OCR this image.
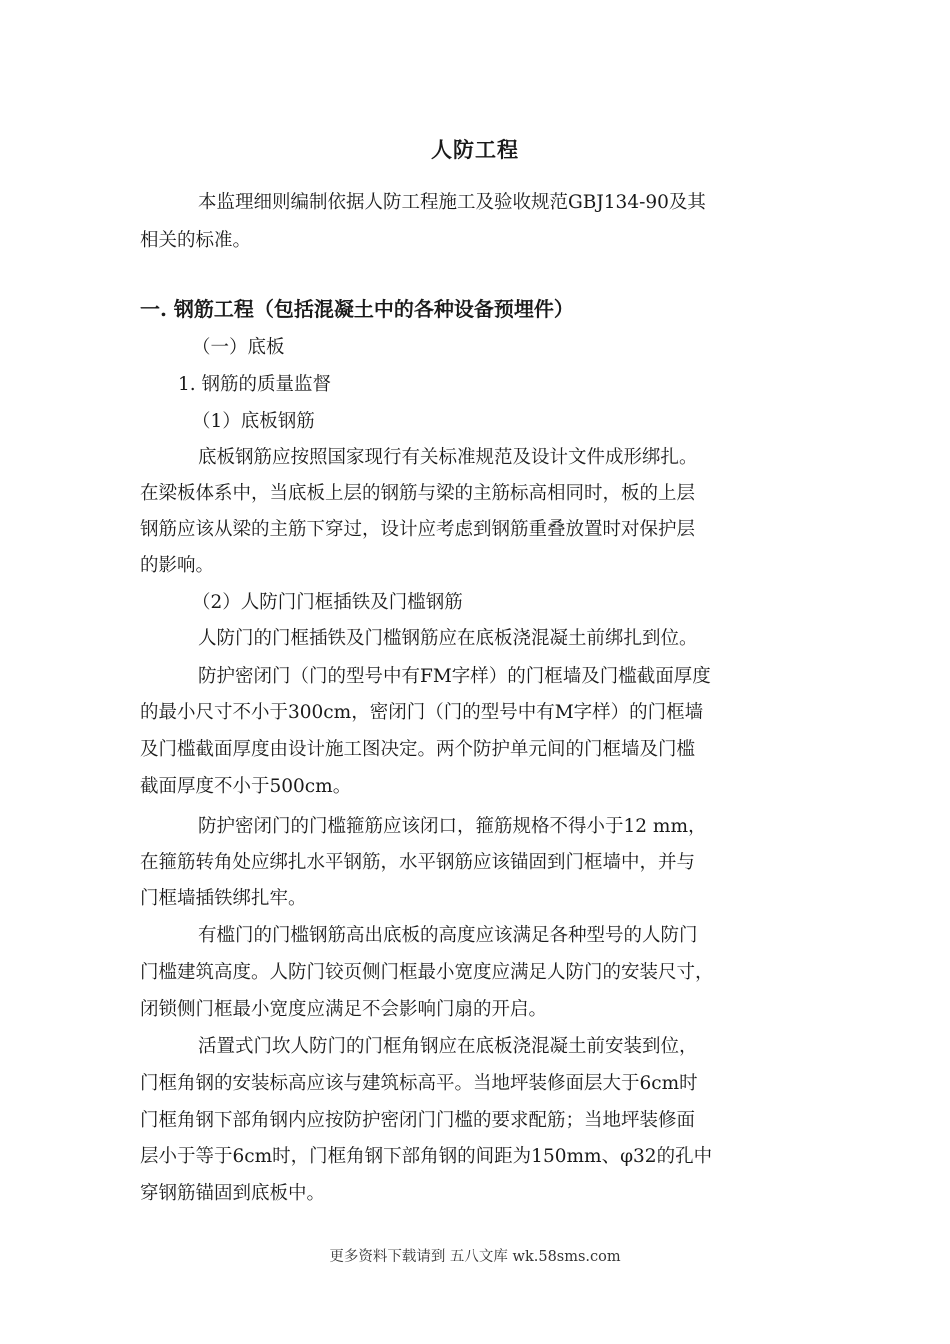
人防工程
本监理细则编制依据人防工程施工及验收规范GBJ134-90及其
相关的标准。
一. 钢筋工程（包括混凝土中的各种设备预埋件）
（一）底板
1. 钢筋的质量监督
（1）底板钢筋
底板钢筋应按照国家现行有关标准规范及设计文件成形绑扎。
在梁板体系中，当底板上层的钢筋与梁的主筋标高相同时，板的上层
钢筋应该从梁的主筋下穿过，设计应考虑到钢筋重叠放置时对保护层
的影响。
（2）人防门门框插铁及门槛钢筋
人防门的门框插铁及门槛钢筋应在底板浇混凝土前绑扎到位。
防护密闭门（门的型号中有FM字样）的门框墙及门槛截面厚度
的最小尺寸不小于300cm，密闭门（门的型号中有M字样）的门框墙
及门槛截面厚度由设计施工图决定。两个防护单元间的门框墙及门槛
截面厚度不小于500cm。
防护密闭门的门槛箍筋应该闭口，箍筋规格不得小于12 mm，
在箍筋转角处应绑扎水平钢筋，水平钢筋应该锚固到门框墙中，并与
门框墙插铁绑扎牢。
有槛门的门槛钢筋高出底板的高度应该满足各种型号的人防门
门槛建筑高度。人防门铰页侧门框最小宽度应满足人防门的安装尺寸，
闭锁侧门框最小宽度应满足不会影响门扇的开启。
活置式门坎人防门的门框角钢应在底板浇混凝土前安装到位，
门框角钢的安装标高应该与建筑标高平。当地坪装修面层大于6cm时
门框角钢下部角钢内应按防护密闭门门槛的要求配筋；当地坪装修面
层小于等于6cm时，门框角钢下部角钢的间距为150mm、φ32的孔中
穿钢筋锚固到底板中。
更多资料下载请到 五八文库 wk.58sms.com
